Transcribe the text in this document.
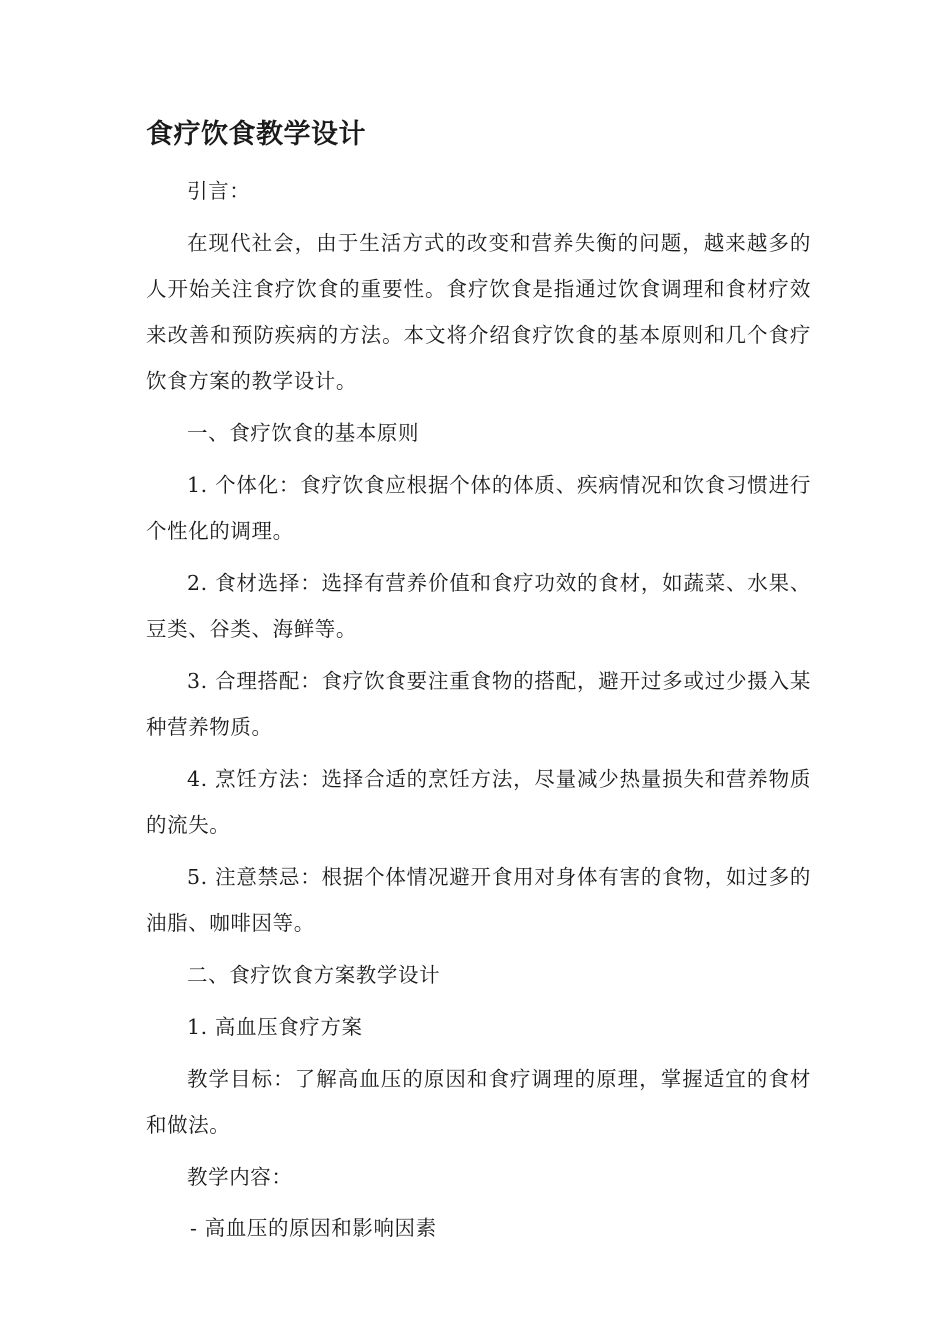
食疗饮食教学设计

引言：

在现代社会，由于生活方式的改变和营养失衡的问题，越来越多的人开始关注食疗饮食的重要性。食疗饮食是指通过饮食调理和食材疗效来改善和预防疾病的方法。本文将介绍食疗饮食的基本原则和几个食疗饮食方案的教学设计。

一、食疗饮食的基本原则

1. 个体化：食疗饮食应根据个体的体质、疾病情况和饮食习惯进行个性化的调理。

2. 食材选择：选择有营养价值和食疗功效的食材，如蔬菜、水果、豆类、谷类、海鲜等。

3. 合理搭配：食疗饮食要注重食物的搭配，避开过多或过少摄入某种营养物质。

4. 烹饪方法：选择合适的烹饪方法，尽量减少热量损失和营养物质的流失。

5. 注意禁忌：根据个体情况避开食用对身体有害的食物，如过多的油脂、咖啡因等。

二、食疗饮食方案教学设计

1. 高血压食疗方案

教学目标：了解高血压的原因和食疗调理的原理，掌握适宜的食材和做法。

教学内容：

- 高血压的原因和影响因素
